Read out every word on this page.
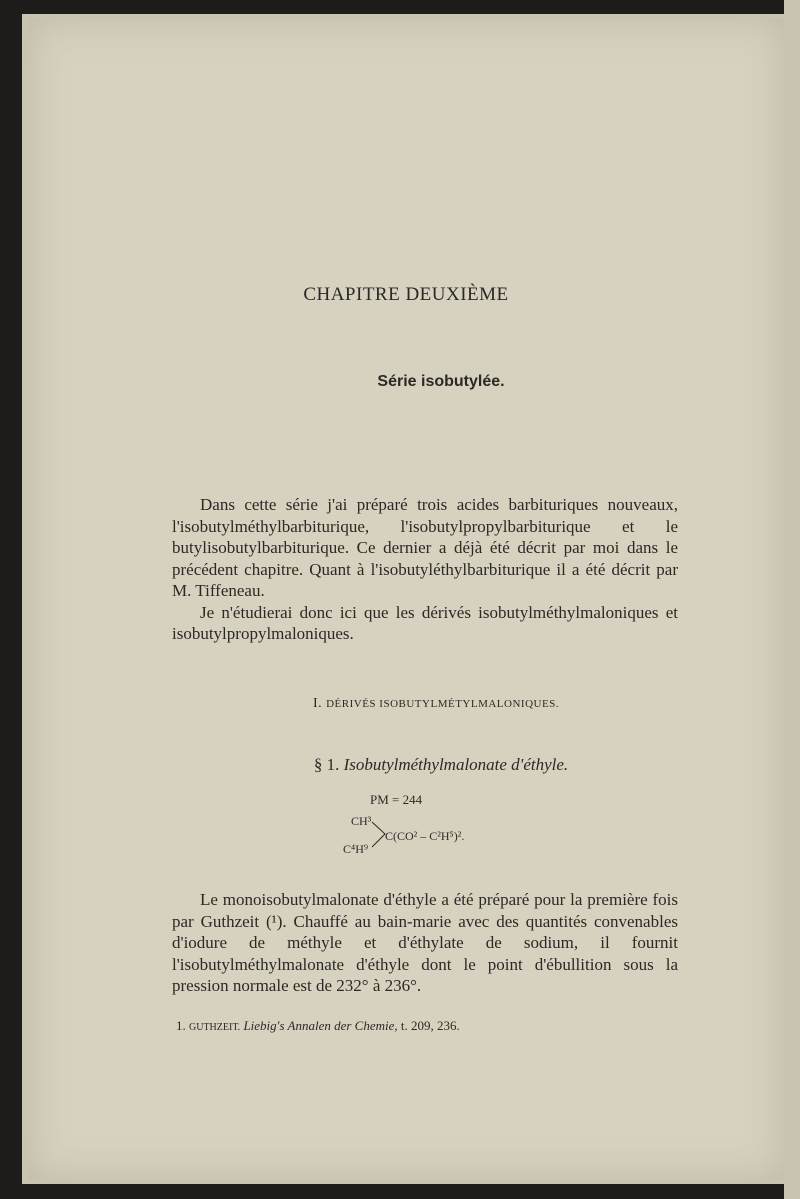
CHAPITRE DEUXIÈME
Série isobutylée.

Dans cette série j'ai préparé trois acides barbituriques nouveaux, l'isobutylméthylbarbiturique, l'isobutylpropylbarbiturique et le butylisobutylbarbiturique. Ce dernier a déjà été décrit par moi dans le précédent chapitre. Quant à l'isobutyléthylbarbiturique il a été décrit par M. Tiffeneau.

Je n'étudierai donc ici que les dérivés isobutylméthylmaloniques et isobutylpropylmaloniques.

I. DÉRIVÉS ISOBUTYLMÉTYLMALONIQUES.
§ 1. Isobutylméthylmalonate d'éthyle.
PM = 244
CH³
C⁴H⁹
C(CO² – C²H⁵)².

Le monoisobutylmalonate d'éthyle a été préparé pour la première fois par Guthzeit (¹). Chauffé au bain-marie avec des quantités convenables d'iodure de méthyle et d'éthylate de sodium, il fournit l'isobutylméthylmalonate d'éthyle dont le point d'ébullition sous la pression normale est de 232° à 236°.

1. GUTHZEIT. Liebig's Annalen der Chemie, t. 209, 236.
